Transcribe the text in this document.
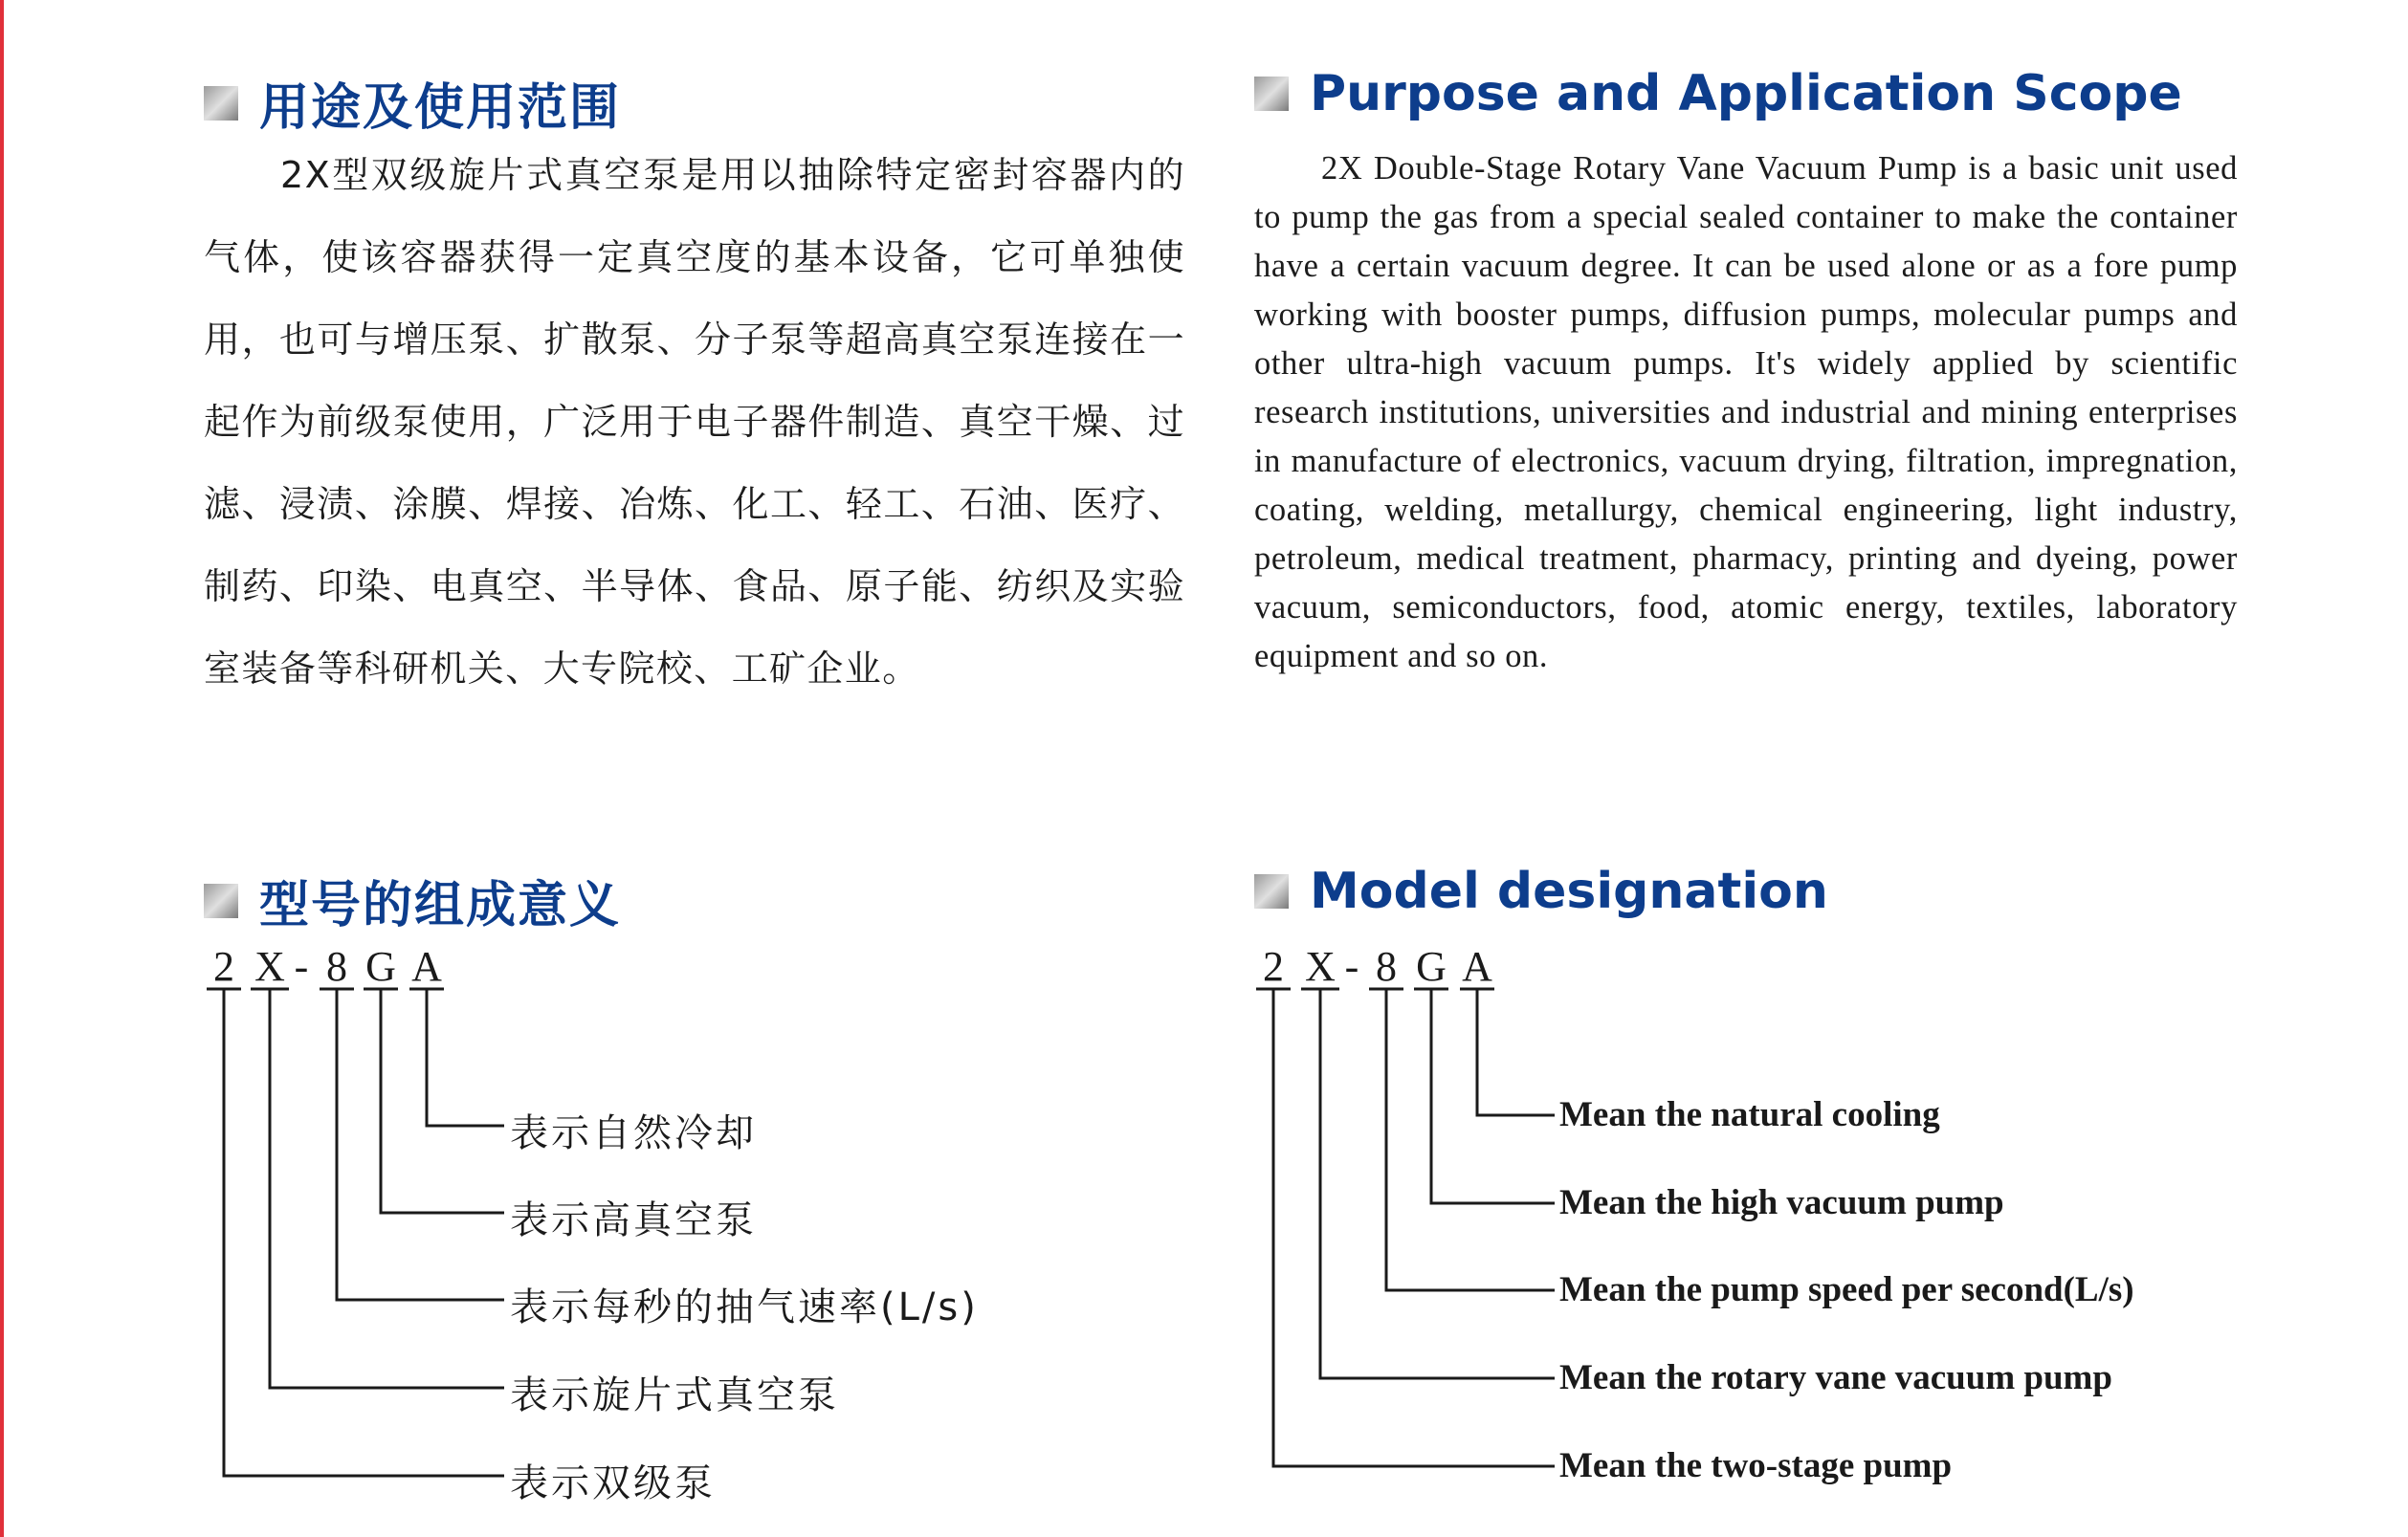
用途及使用范围	Purpose and Application Scope
2X型双级旋片式真空泵是用以抽除特定密封容器内的气体，使该容器获得一定真空度的基本设备，它可单独使用，也可与增压泵、扩散泵、分子泵等超高真空泵连接在一起作为前级泵使用，广泛用于电子器件制造、真空干燥、过滤、浸渍、涂膜、焊接、冶炼、化工、轻工、石油、医疗、制药、印染、电真空、半导体、食品、原子能、纺织及实验室装备等科研机关、大专院校、工矿企业。
2X Double-Stage Rotary Vane Vacuum Pump is a basic unit used to pump the gas from a special sealed container to make the container have a certain vacuum degree. It can be used alone or as a fore pump working with booster pumps, diffusion pumps, molecular pumps and other ultra-high vacuum pumps. It's widely applied by scientific research institutions, universities and industrial and mining enterprises in manufacture of electronics, vacuum drying, filtration, impregnation, coating, welding, metallurgy, chemical engineering, light industry, petroleum, medical treatment, pharmacy, printing and dyeing, power vacuum, semiconductors, food, atomic energy, textiles, laboratory equipment and so on.
型号的组成意义	Model designation
2 X - 8 G A	2 X - 8 G A
表示自然冷却
表示高真空泵
表示每秒的抽气速率(L/s)
表示旋片式真空泵
表示双级泵
Mean the natural cooling
Mean the high vacuum pump
Mean the pump speed per second(L/s)
Mean the rotary vane vacuum pump
Mean the two-stage pump
